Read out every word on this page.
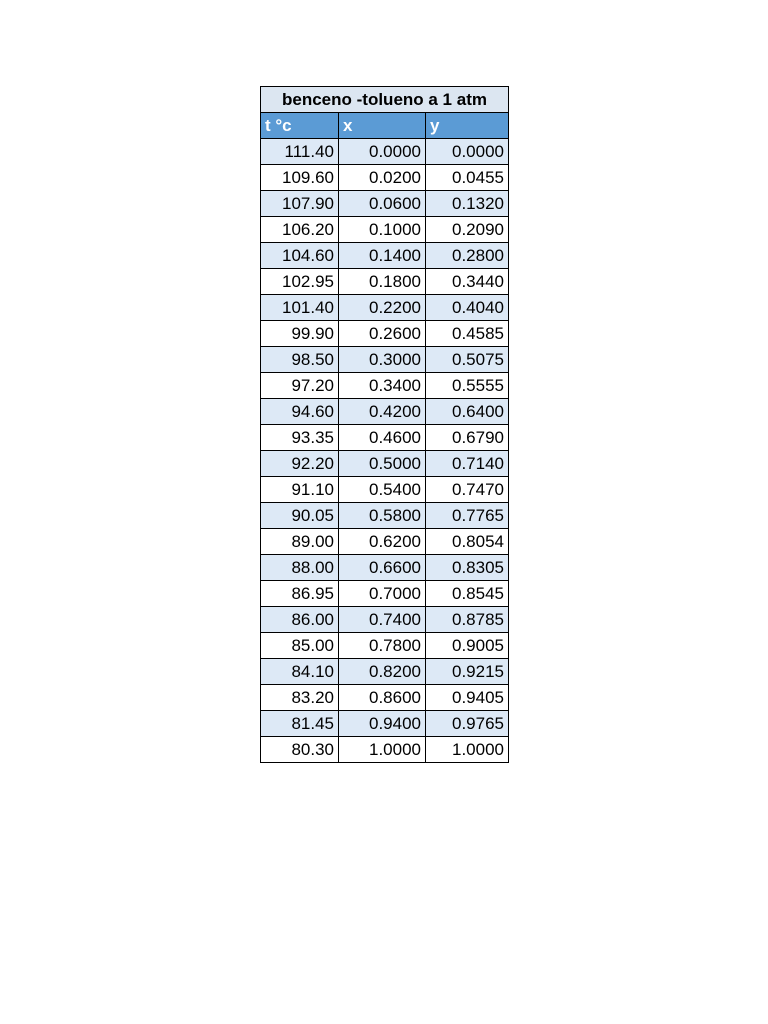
benceno -tolueno a 1 atm		
t °c	x	y
111.40	0.0000	0.0000
109.60	0.0200	0.0455
107.90	0.0600	0.1320
106.20	0.1000	0.2090
104.60	0.1400	0.2800
102.95	0.1800	0.3440
101.40	0.2200	0.4040
99.90	0.2600	0.4585
98.50	0.3000	0.5075
97.20	0.3400	0.5555
94.60	0.4200	0.6400
93.35	0.4600	0.6790
92.20	0.5000	0.7140
91.10	0.5400	0.7470
90.05	0.5800	0.7765
89.00	0.6200	0.8054
88.00	0.6600	0.8305
86.95	0.7000	0.8545
86.00	0.7400	0.8785
85.00	0.7800	0.9005
84.10	0.8200	0.9215
83.20	0.8600	0.9405
81.45	0.9400	0.9765
80.30	1.0000	1.0000
